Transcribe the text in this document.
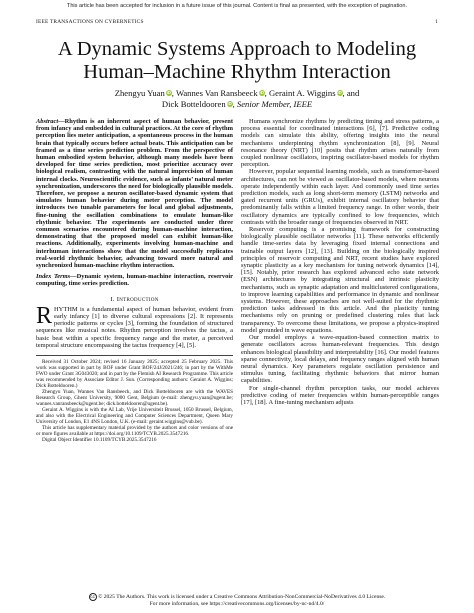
This article has been accepted for inclusion in a future issue of this journal. Content is final as presented, with the exception of pagination.
IEEE TRANSACTIONS ON CYBERNETICS	1
A Dynamic Systems Approach to Modeling
Human–Machine Rhythm Interaction
Zhengyu Yuan iD, Wannes Van Ransbeeck iD, Geraint A. Wiggins iD, and
Dick Botteldooren iD, Senior Member, IEEE

Abstract—Rhythm is an inherent aspect of human behavior, present from infancy and embedded in cultural practices. At the core of rhythm perception lies meter anticipation, a spontaneous process in the human brain that typically occurs before actual beats. This anticipation can be framed as a time series prediction problem. From the perspective of human embodied system behavior, although many models have been developed for time series prediction, most prioritize accuracy over biological realism, contrasting with the natural imprecision of human internal clocks. Neuroscientific evidence, such as infants’ natural meter synchronization, underscores the need for biologically plausible models. Therefore, we propose a neuron oscillator-based dynamic system that simulates human behavior during meter perception. The model introduces two tunable parameters for local and global adjustments, fine-tuning the oscillation combinations to emulate human-like rhythmic behavior. The experiments are conducted under three common scenarios encountered during human-machine interaction, demonstrating that the proposed model can exhibit human-like reactions. Additionally, experiments involving human-machine and interhuman interactions show that the model successfully replicates real-world rhythmic behavior, advancing toward more natural and synchronized human-machine rhythm interaction.

Index Terms—Dynamic system, human-machine interaction, reservoir computing, time series prediction.

I. Introduction

RHYTHM is a fundamental aspect of human behavior, evident from early infancy [1] to diverse cultural expressions [2]. It represents periodic patterns or cycles [3], forming the foundation of structured sequences like musical notes. Rhythm perception involves the tactus, a basic beat within a specific frequency range and the meter, a perceived temporal structure encompassing the tactus frequency [4], [5].

Received 31 October 2024; revised 16 January 2025; accepted 25 February 2025. This work was supported in part by BOF under Grant BOF/24J/2021/246; in part by the WithMe FWO under Grant 3G043020; and in part by the Flemish AI Research Programme. This article was recommended by Associate Editor J. Sun. (Corresponding authors: Geraint A. Wiggins; Dick Botteldooren.)

Zhengyu Yuan, Wannes Van Ransbeeck, and Dick Botteldooren are with the WAVES Research Group, Ghent University, 9000 Gent, Belgium (e-mail: zhengyu.yuan@ugent.be; wannes.vanransbeeck@ugent.be; dick.botteldooren@ugent.be).

Geraint A. Wiggins is with the AI Lab, Vrije Universiteit Brussel, 1050 Brussel, Belgium, and also with the Electrical Engineering and Computer Sciences Department, Queen Mary University of London, E1 4NS London, U.K. (e-mail: geraint.wiggins@vub.be).

This article has supplementary material provided by the authors and color versions of one or more figures available at https://doi.org/10.1109/TCYB.2025.3547216.

Digital Object Identifier 10.1109/TCYB.2025.3547216

Humans synchronize rhythms by predicting timing and stress patterns, a process essential for coordinated interactions [6], [7]. Predictive coding models can simulate this ability, offering insights into the neural mechanisms underpinning rhythm synchronization [8], [9]. Neural resonance theory (NRT) [10] posits that rhythm arises naturally from coupled nonlinear oscillators, inspiring oscillator-based models for rhythm perception.

However, popular sequential learning models, such as transformer-based architectures, can not be viewed as oscillator-based models, where neurons operate independently within each layer. And commonly used time series prediction models, such as long short-term memory (LSTM) networks and gated recurrent units (GRUs), exhibit internal oscillatory behavior that predominantly falls within a limited frequency range. In other words, their oscillatory dynamics are typically confined to low frequencies, which contrasts with the broader range of frequencies observed in NRT.

Reservoir computing is a promising framework for constructing biologically plausible oscillator networks [11]. These networks efficiently handle time-series data by leveraging fixed internal connections and trainable output layers [12], [13]. Building on the biologically inspired principles of reservoir computing and NRT, recent studies have explored synaptic plasticity as a key mechanism for tuning network dynamics [14], [15]. Notably, prior research has explored advanced echo state network (ESN) architectures by integrating structural and intrinsic plasticity mechanisms, such as synaptic adaptation and multiclustered configurations, to improve learning capabilities and performance in dynamic and nonlinear systems. However, these approaches are not well-suited for the rhythmic prediction tasks addressed in this article. And the plasticity tuning mechanisms rely on pruning or predefined clustering rules that lack transparency. To overcome these limitations, we propose a physics-inspired model grounded in wave equations.

Our model employs a wave-equation-based connection matrix to generate oscillators across human-relevant frequencies. This design enhances biological plausibility and interpretability [16]. Our model features sparse connectivity, local delays, and frequency ranges aligned with human neural dynamics. Key parameters regulate oscillation persistence and stimulus tuning, facilitating rhythmic behaviors that mirror human capabilities.

For single-channel rhythm perception tasks, our model achieves predictive coding of meter frequencies within human-perceptible ranges [17], [18]. A fine-tuning mechanism adjusts

cc © 2025 The Authors. This work is licensed under a Creative Commons Attribution-NonCommercial-NoDerivatives 4.0 License.
For more information, see https://creativecommons.org/licenses/by-nc-nd/4.0/
